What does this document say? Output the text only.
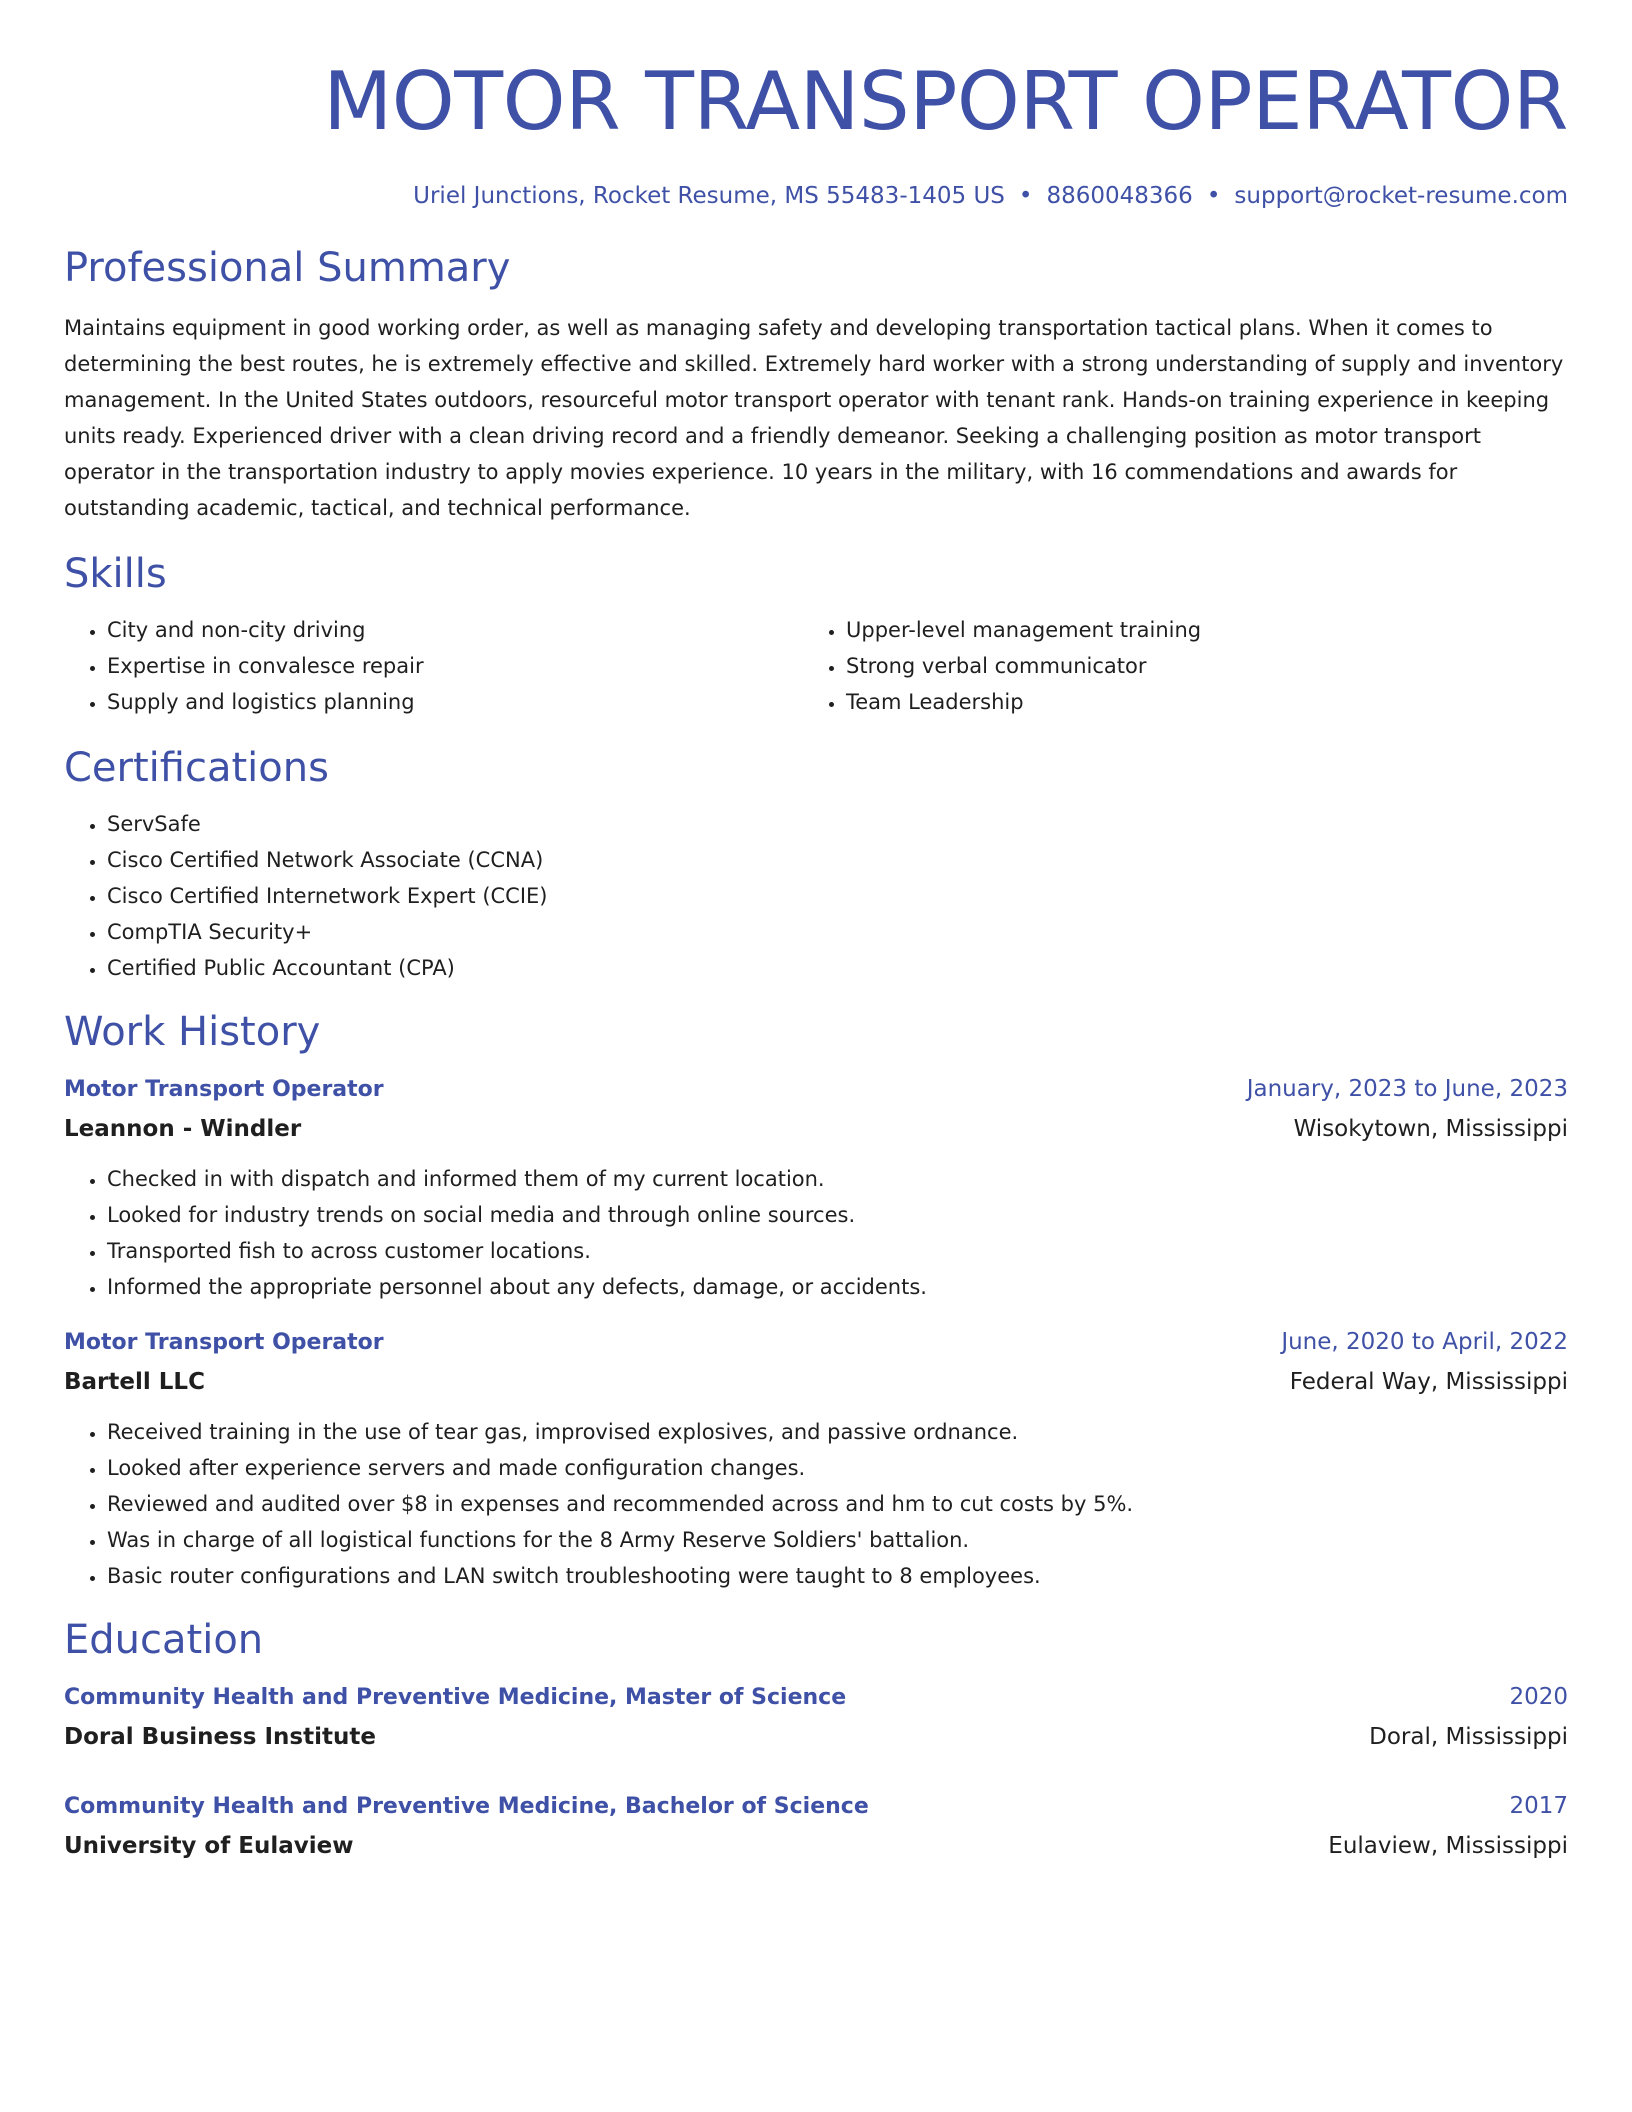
MOTOR TRANSPORT OPERATOR
Uriel Junctions, Rocket Resume, MS 55483-1405 US • 8860048366 • support@rocket-resume.com
Professional Summary

Maintains equipment in good working order, as well as managing safety and developing transportation tactical plans. When it comes to determining the best routes, he is extremely effective and skilled. Extremely hard worker with a strong understanding of supply and inventory management. In the United States outdoors, resourceful motor transport operator with tenant rank. Hands-on training experience in keeping units ready. Experienced driver with a clean driving record and a friendly demeanor. Seeking a challenging position as motor transport operator in the transportation industry to apply movies experience. 10 years in the military, with 16 commendations and awards for outstanding academic, tactical, and technical performance.

Skills
• City and non-city driving
• Expertise in convalesce repair
• Supply and logistics planning
• Upper-level management training
• Strong verbal communicator
• Team Leadership
Certifications
• ServSafe
• Cisco Certified Network Associate (CCNA)
• Cisco Certified Internetwork Expert (CCIE)
• CompTIA Security+
• Certified Public Accountant (CPA)
Work History
Motor Transport Operator	January, 2023 to June, 2023
Leannon - Windler	Wisokytown, Mississippi
• Checked in with dispatch and informed them of my current location.
• Looked for industry trends on social media and through online sources.
• Transported fish to across customer locations.
• Informed the appropriate personnel about any defects, damage, or accidents.
Motor Transport Operator	June, 2020 to April, 2022
Bartell LLC	Federal Way, Mississippi
• Received training in the use of tear gas, improvised explosives, and passive ordnance.
• Looked after experience servers and made configuration changes.
• Reviewed and audited over $8 in expenses and recommended across and hm to cut costs by 5%.
• Was in charge of all logistical functions for the 8 Army Reserve Soldiers' battalion.
• Basic router configurations and LAN switch troubleshooting were taught to 8 employees.
Education
Community Health and Preventive Medicine, Master of Science	2020
Doral Business Institute	Doral, Mississippi
Community Health and Preventive Medicine, Bachelor of Science	2017
University of Eulaview	Eulaview, Mississippi
